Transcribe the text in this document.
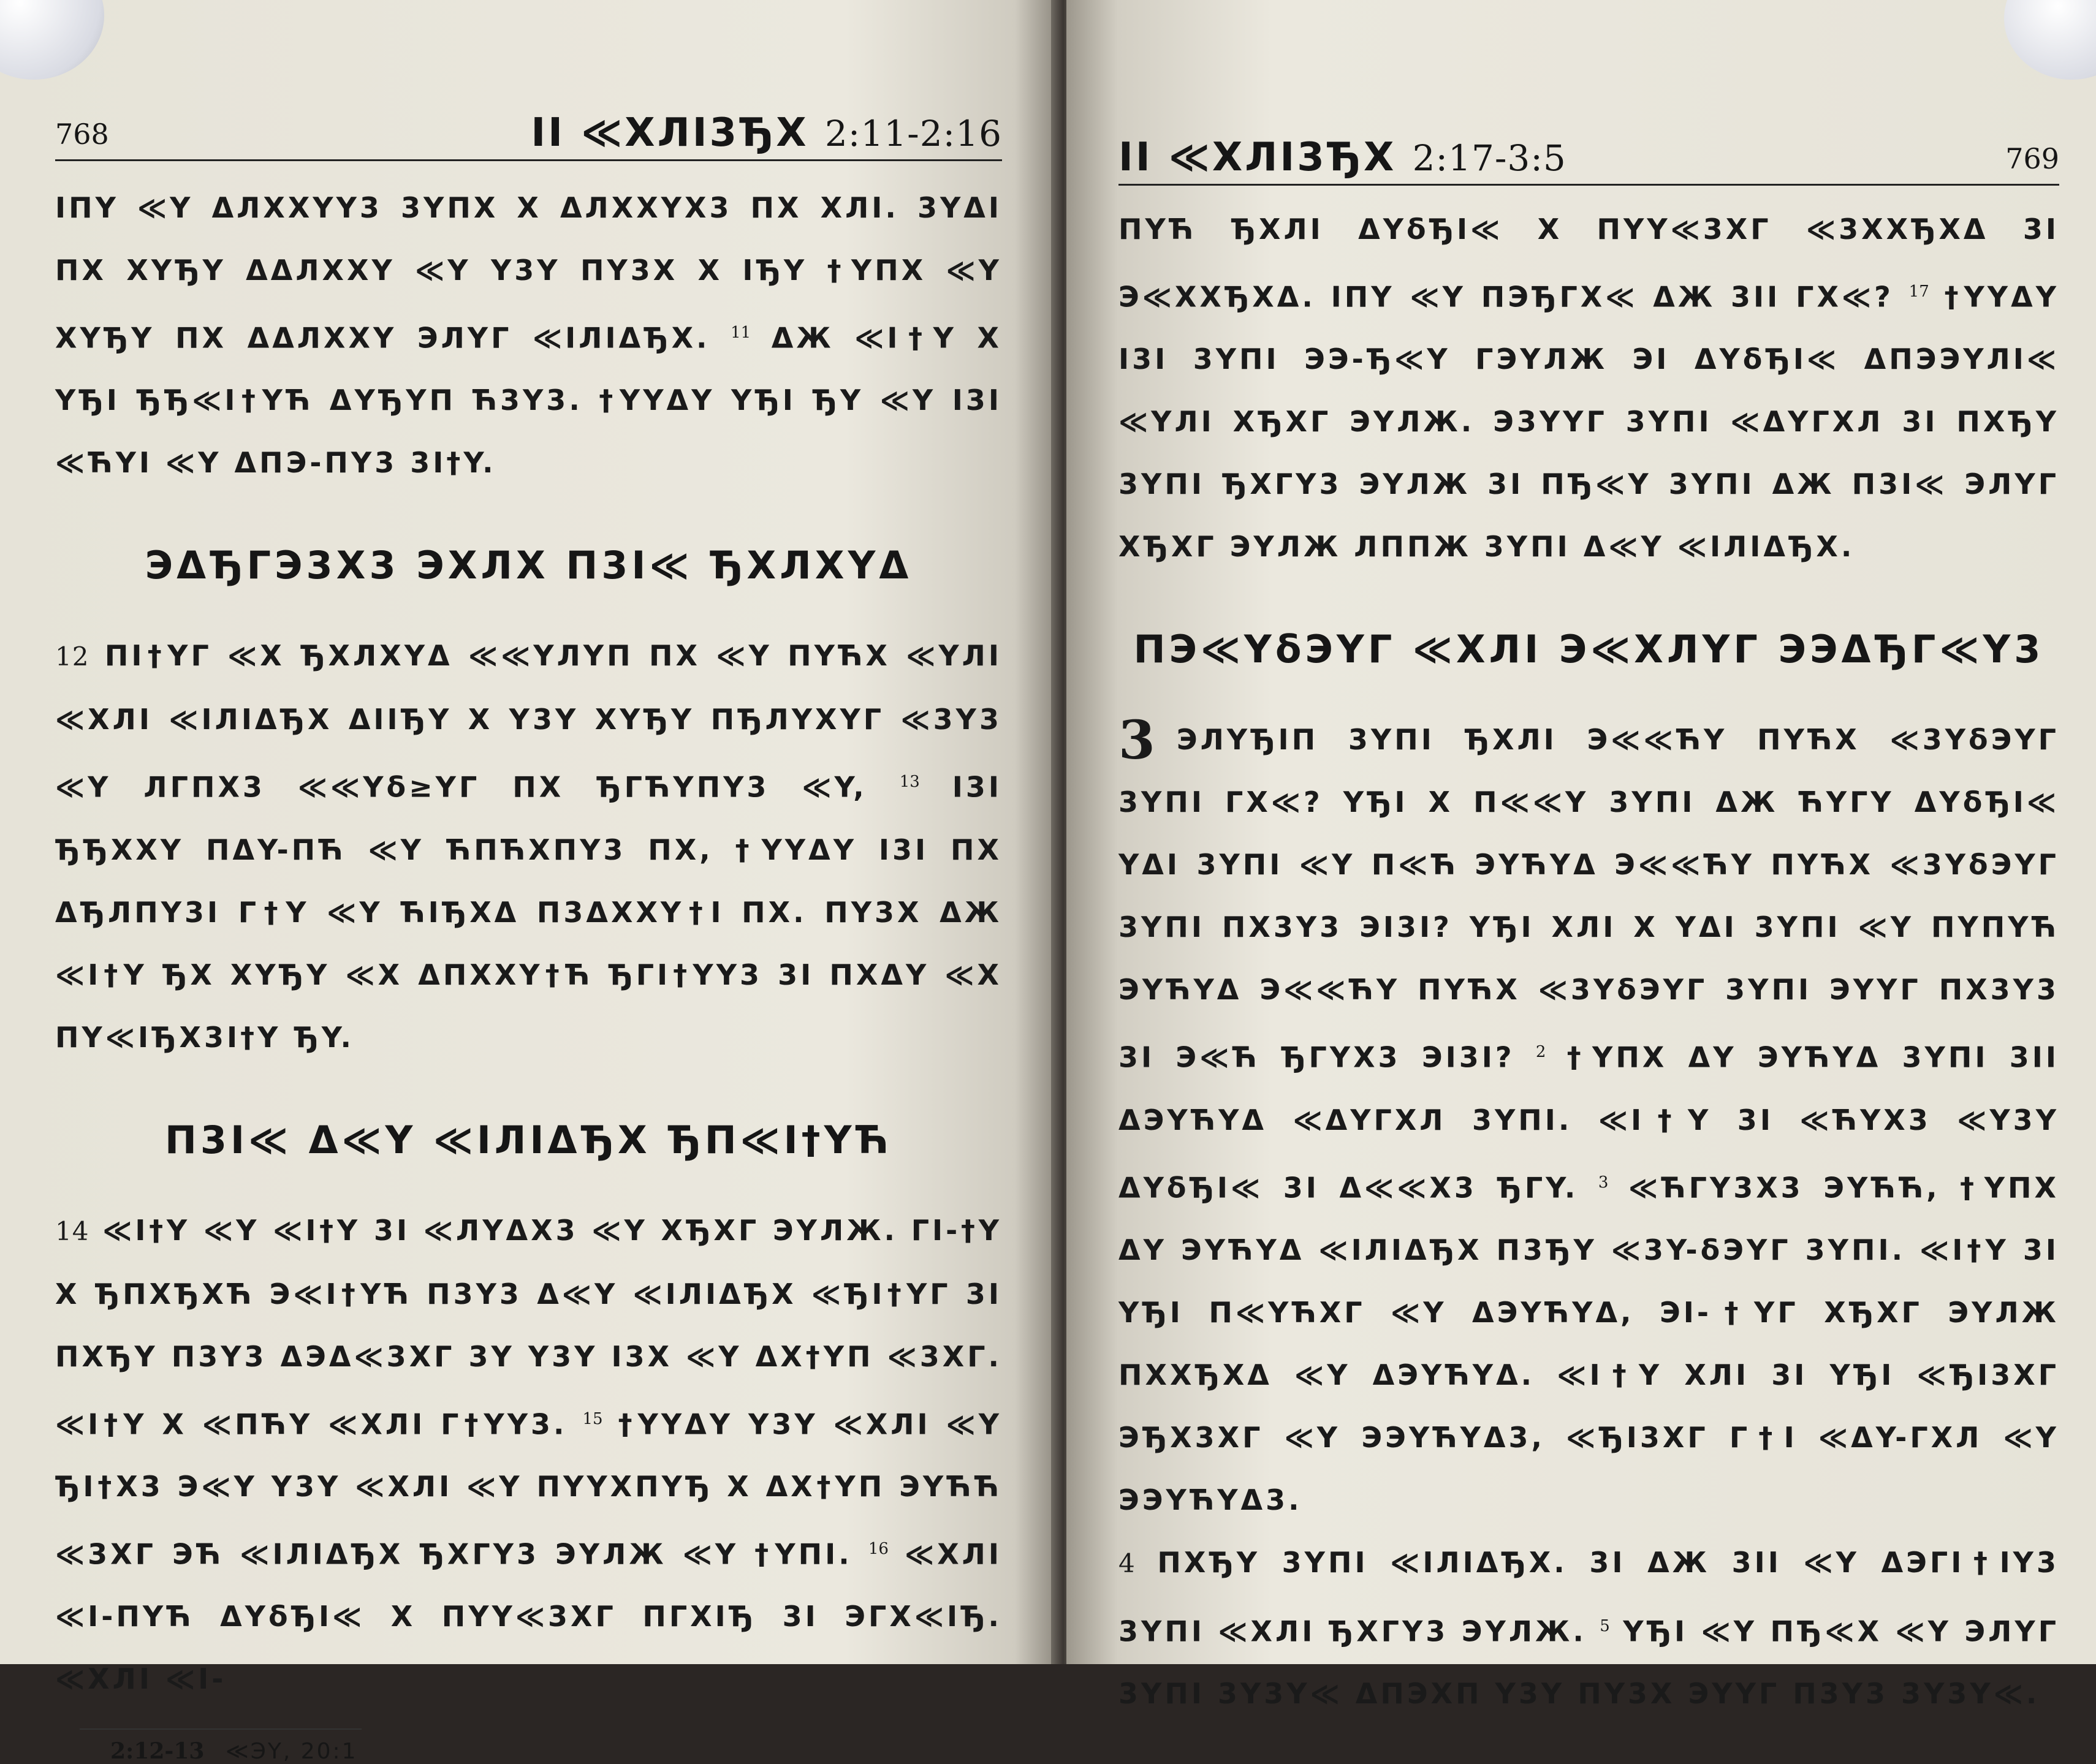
768	II ≪XЛI3ЂX 2:11-2:16

IΠY ≪Y ΔЛXXYY3 3YΠX X ΔЛXXYX3 ΠX XЛI. 3YΔI ΠX XYЂY ΔΔЛXXY ≪Y Y3Y ΠY3X X IЂY †YΠX ≪Y XYЂY ΠX ΔΔЛXXY ЭЛYΓ ≪IЛIΔЂX. $^{11}$ ΔЖ ≪I†Y X YЂI ЂЂ≪I†YЋ ΔYЂYΠ Ћ3Y3. †YYΔY YЂI ЂY ≪Y I3I ≪ЋYI ≪Y ΔΠЭ-ΠY3 3I†Y.

ЭΔЂΓЭ3X3 ЭXЛX Π3I≪ ЂXЛXYΔ

12 ΠI†YΓ ≪X ЂXЛXYΔ ≪≪YЛYΠ ΠX ≪Y ΠYЋX ≪YЛI ≪XЛI ≪IЛIΔЂX ΔIIЂY X Y3Y XYЂY ΠЂЛYXYΓ ≪3Y3 ≪Y ЛΓΠX3 ≪≪Yδ≥YΓ ΠX ЂΓЋYΠY3 ≪Y, $^{13}$ I3I ЂЂXXY ΠΔY-ΠЋ ≪Y ЋΠЋXΠY3 ΠX, †YYΔY I3I ΠX ΔЂЛΠY3I Γ†Y ≪Y ЋIЂXΔ Π3ΔXXY†I ΠX. ΠY3X ΔЖ ≪I†Y ЂX XYЂY ≪X ΔΠXXY†Ћ ЂΓI†YY3 3I ΠXΔY ≪X ΠY≪IЂX3I†Y ЂY.

Π3I≪ Δ≪Y ≪IЛIΔЂX ЂΠ≪I†YЋ

14 ≪I†Y ≪Y ≪I†Y 3I ≪ЛYΔX3 ≪Y XЂXΓ ЭYЛЖ. ΓI-†Y X ЂΠXЂXЋ Э≪I†YЋ Π3Y3 Δ≪Y ≪IЛIΔЂX ≪ЂI†YΓ 3I ΠXЂY Π3Y3 ΔЭΔ≪3XΓ 3Y Y3Y I3X ≪Y ΔX†YΠ ≪3XΓ. ≪I†Y X ≪ΠЋY ≪XЛI Γ†YY3. $^{15}$ †YYΔY Y3Y ≪XЛI ≪Y ЂI†X3 Э≪Y Y3Y ≪XЛI ≪Y ΠYYXΠYЂ X ΔX†YΠ ЭYЋЋ ≪3XΓ ЭЋ ≪IЛIΔЂX ЂXΓY3 ЭYЛЖ ≪Y †YΠI. $^{16}$ ≪XЛI ≪I-ΠYЋ ΔYδЂI≪ X ΠYY≪3XΓ ΠΓXIЂ 3I ЭΓX≪IЂ. ≪XЛI ≪I-

2:12-13 ≪ЭY, 20:1
II ≪XЛI3ЂX 2:17-3:5	769

ΠYЋ ЂXЛI ΔYδЂI≪ X ΠYY≪3XΓ ≪3XXЂXΔ 3I Э≪XXЂXΔ. IΠY ≪Y ΠЭЂΓX≪ ΔЖ 3II ΓX≪? $^{17}$ †YYΔY I3I 3YΠI ЭЭ-Ђ≪Y ΓЭYЛЖ ЭI ΔYδЂI≪ ΔΠЭЭYЛI≪ ≪YЛI XЂXΓ ЭYЛЖ. Э3YYΓ 3YΠI ≪ΔYΓXЛ 3I ΠXЂY 3YΠI ЂXΓY3 ЭYЛЖ 3I ΠЂ≪Y 3YΠI ΔЖ Π3I≪ ЭЛYΓ XЂXΓ ЭYЛЖ ЛΠΠЖ 3YΠI Δ≪Y ≪IЛIΔЂX.

ΠЭ≪YδЭYΓ ≪XЛI Э≪XЛYΓ ЭЭΔЂΓ≪Y3

3 ЭЛYЂIΠ 3YΠI ЂXЛI Э≪≪ЋY ΠYЋX ≪3YδЭYΓ 3YΠI ΓX≪? YЂI X Π≪≪Y 3YΠI ΔЖ ЋYΓY ΔYδЂI≪ YΔI 3YΠI ≪Y Π≪Ћ ЭYЋYΔ Э≪≪ЋY ΠYЋX ≪3YδЭYΓ 3YΠI ΠX3Y3 ЭI3I? YЂI XЛI X YΔI 3YΠI ≪Y ΠYΠYЋ ЭYЋYΔ Э≪≪ЋY ΠYЋX ≪3YδЭYΓ 3YΠI ЭYYΓ ΠX3Y3 3I Э≪Ћ ЂΓYX3 ЭI3I? $^2$ †YΠX ΔY ЭYЋYΔ 3YΠI 3II ΔЭYЋYΔ ≪ΔYΓXЛ 3YΠI. ≪I†Y 3I ≪ЋYX3 ≪Y3Y ΔYδЂI≪ 3I Δ≪≪X3 ЂΓY. $^3$ ≪ЋΓY3X3 ЭYЋЋ, †YΠX ΔY ЭYЋYΔ ≪IЛIΔЂX Π3ЂY ≪3Y-δЭYΓ 3YΠI. ≪I†Y 3I YЂI Π≪YЋXΓ ≪Y ΔЭYЋYΔ, ЭI-†YΓ XЂXΓ ЭYЛЖ ΠXXЂXΔ ≪Y ΔЭYЋYΔ. ≪I†Y XЛI 3I YЂI ≪ЂI3XΓ ЭЂX3XΓ ≪Y ЭЭYЋYΔ3, ≪ЂI3XΓ Γ†I ≪ΔY-ΓXЛ ≪Y ЭЭYЋYΔ3.

4 ΠXЂY 3YΠI ≪IЛIΔЂX. 3I ΔЖ 3II ≪Y ΔЭΓI†IY3 3YΠI ≪XЛI ЂXΓY3 ЭYЛЖ. $^5$ YЂI ≪Y ΠЂ≪X ≪Y ЭЛYΓ 3YΠI 3Y3Y≪ ΔΠЭXΠ Y3Y ΠY3X ЭYYΓ Π3Y3 3Y3Y≪.
